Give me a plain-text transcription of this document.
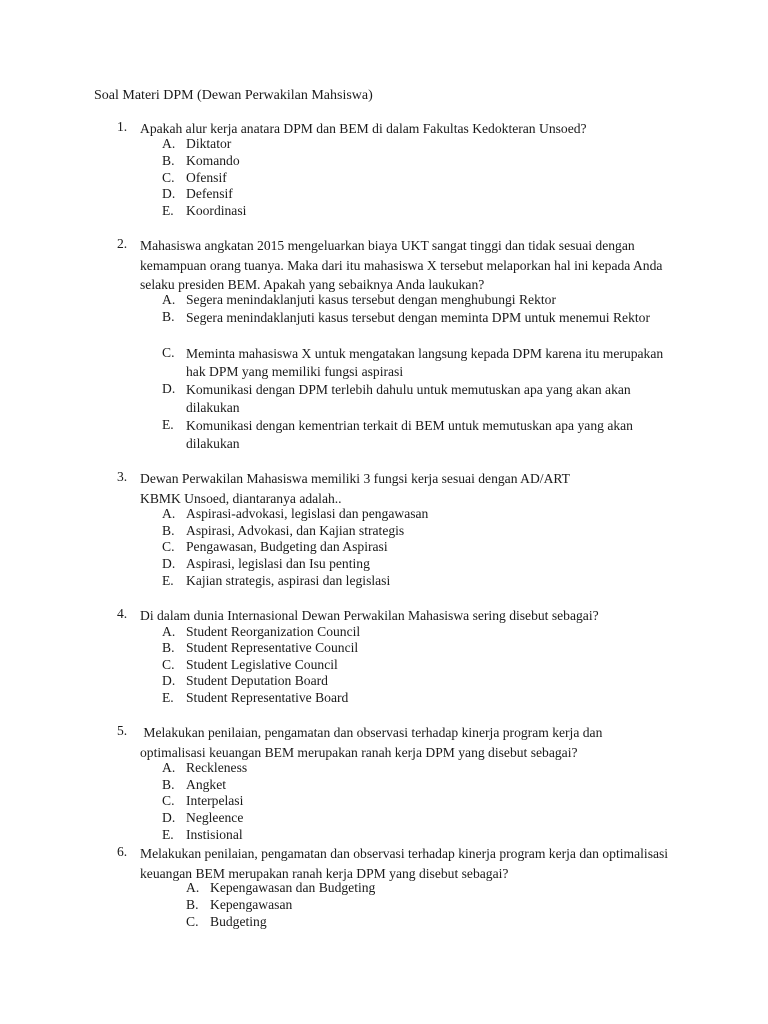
Soal Materi DPM (Dewan Perwakilan Mahsiswa)
1. Apakah alur kerja anatara DPM dan BEM di dalam Fakultas Kedokteran Unsoed?
A. Diktator
B. Komando
C. Ofensif
D. Defensif
E. Koordinasi
2. Mahasiswa angkatan 2015 mengeluarkan biaya UKT sangat tinggi dan tidak sesuai dengan kemampuan orang tuanya. Maka dari itu mahasiswa X tersebut melaporkan hal ini kepada Anda selaku presiden BEM. Apakah yang sebaiknya Anda laukukan?
A. Segera menindaklanjuti kasus tersebut dengan menghubungi Rektor
B. Segera menindaklanjuti kasus tersebut dengan meminta DPM untuk menemui Rektor
C. Meminta mahasiswa X untuk mengatakan langsung kepada DPM karena itu merupakan hak DPM yang memiliki fungsi aspirasi
D. Komunikasi dengan DPM terlebih dahulu untuk memutuskan apa yang akan akan dilakukan
E. Komunikasi dengan kementrian terkait di BEM untuk memutuskan apa yang akan dilakukan
3. Dewan Perwakilan Mahasiswa memiliki 3 fungsi kerja sesuai dengan AD/ART KBMK Unsoed, diantaranya adalah..
A. Aspirasi-advokasi, legislasi dan pengawasan
B. Aspirasi, Advokasi, dan Kajian strategis
C. Pengawasan, Budgeting dan Aspirasi
D. Aspirasi, legislasi dan Isu penting
E. Kajian strategis, aspirasi dan legislasi
4. Di dalam dunia Internasional Dewan Perwakilan Mahasiswa sering disebut sebagai?
A. Student Reorganization Council
B. Student Representative Council
C. Student Legislative Council
D. Student Deputation Board
E. Student Representative Board
5. Melakukan penilaian, pengamatan dan observasi terhadap kinerja program kerja dan optimalisasi keuangan BEM merupakan ranah kerja DPM yang disebut sebagai?
A. Reckleness
B. Angket
C. Interpelasi
D. Negleence
E. Instisional
6. Melakukan penilaian, pengamatan dan observasi terhadap kinerja program kerja dan optimalisasi keuangan BEM merupakan ranah kerja DPM yang disebut sebagai?
A. Kepengawasan dan Budgeting
B. Kepengawasan
C. Budgeting
